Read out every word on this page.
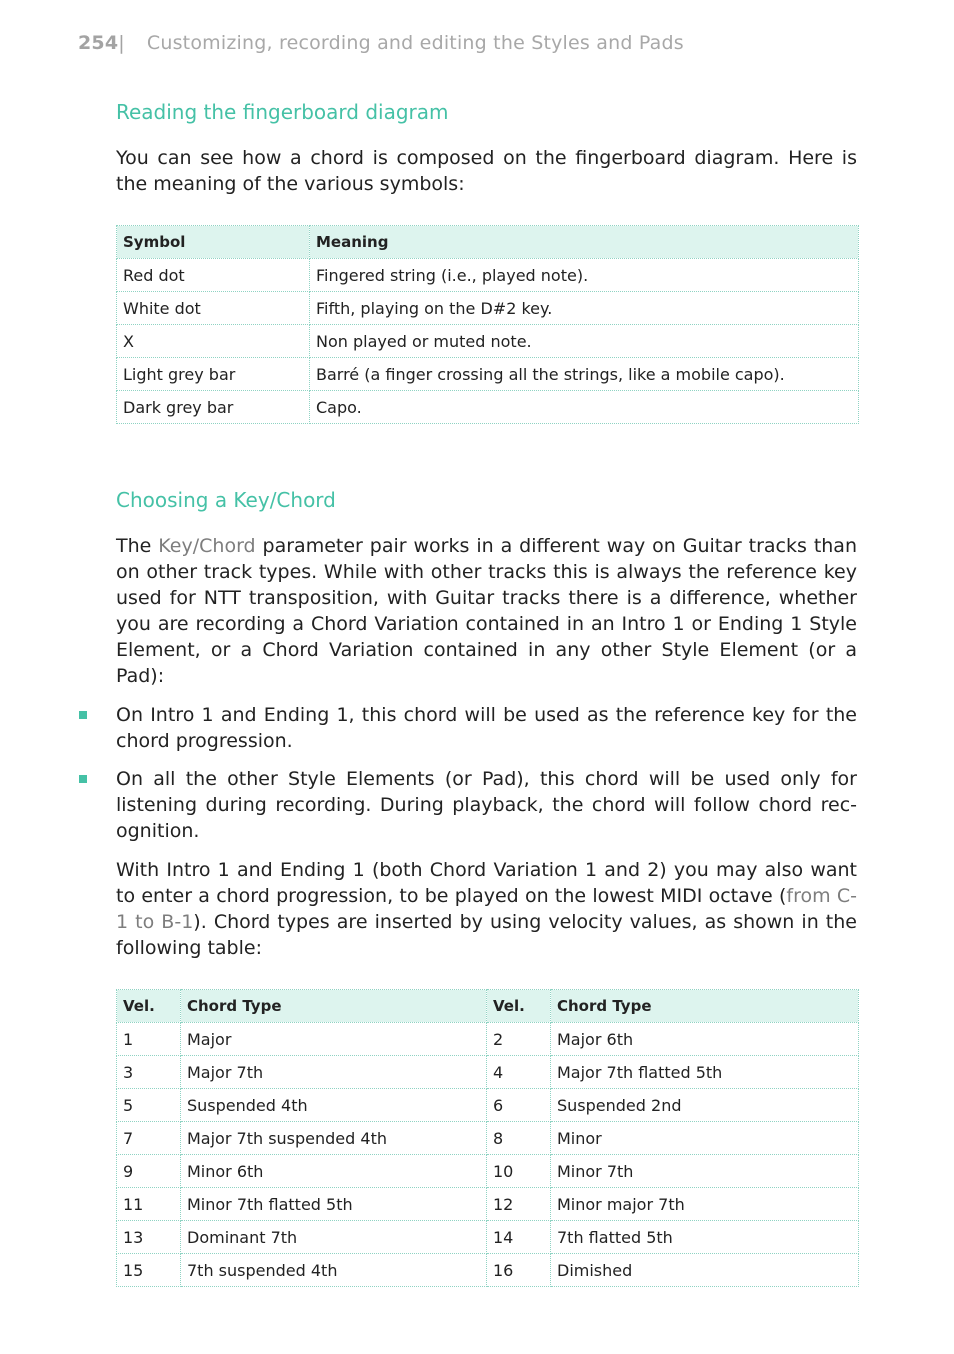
254| Customizing, recording and editing the Styles and Pads
Reading the fingerboard diagram

You can see how a chord is composed on the fingerboard diagram. Here is the meaning of the various symbols:

Symbol	Meaning
Red dot	Fingered string (i.e., played note).
White dot	Fifth, playing on the D#2 key.
X	Non played or muted note.
Light grey bar	Barré (a finger crossing all the strings, like a mobile capo).
Dark grey bar	Capo.
Choosing a Key/Chord

The Key/Chord parameter pair works in a different way on Guitar tracks than on other track types. While with other tracks this is always the reference key used for NTT transposition, with Guitar tracks there is a difference, whether you are recording a Chord Variation contained in an Intro 1 or Ending 1 Style Element, or a Chord Variation contained in any other Style Element (or a Pad):

On Intro 1 and Ending 1, this chord will be used as the reference key for the chord progression.

On all the other Style Elements (or Pad), this chord will be used only for listening during recording. During playback, the chord will follow chord recognition.

With Intro 1 and Ending 1 (both Chord Variation 1 and 2) you may also want to enter a chord progression, to be played on the lowest MIDI octave (from C-1 to B-1). Chord types are inserted by using velocity values, as shown in the following table:

Vel.	Chord Type	Vel.	Chord Type
1	Major	2	Major 6th
3	Major 7th	4	Major 7th flatted 5th
5	Suspended 4th	6	Suspended 2nd
7	Major 7th suspended 4th	8	Minor
9	Minor 6th	10	Minor 7th
11	Minor 7th flatted 5th	12	Minor major 7th
13	Dominant 7th	14	7th flatted 5th
15	7th suspended 4th	16	Dimished
